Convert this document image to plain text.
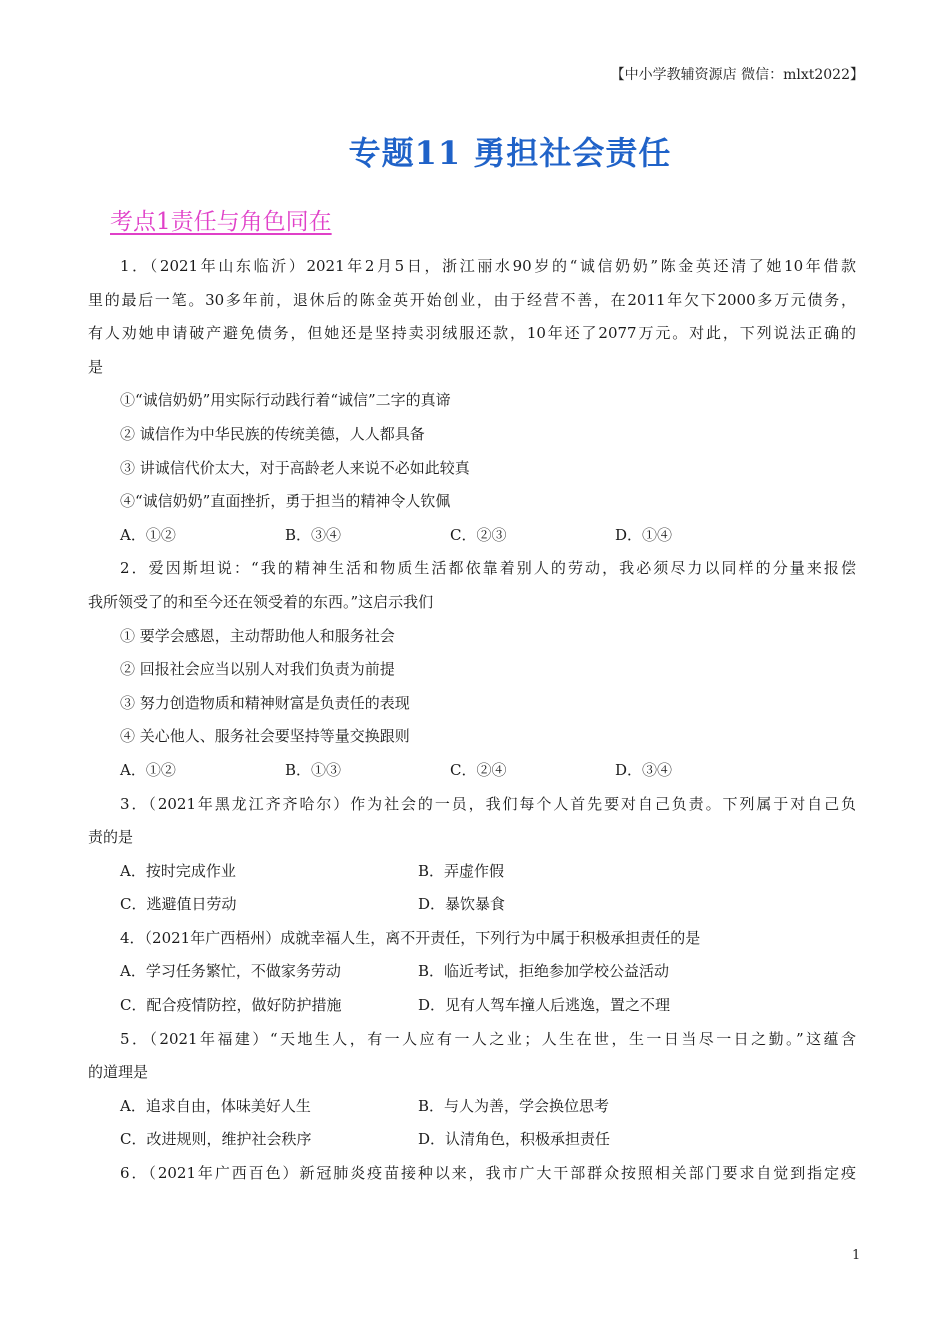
【中小学教辅资源店 微信：mlxt2022】
专题11 勇担社会责任
考点1责任与角色同在
1．（2021年山东临沂）2021年2月5日，浙江丽水90岁的“诚信奶奶”陈金英还清了她10年借款
里的最后一笔。30多年前，退休后的陈金英开始创业，由于经营不善，在2011年欠下2000多万元债务，
有人劝她申请破产避免债务，但她还是坚持卖羽绒服还款，10年还了2077万元。对此，下列说法正确的
是
①“诚信奶奶”用实际行动践行着“诚信”二字的真谛
② 诚信作为中华民族的传统美德，人人都具备
③ 讲诚信代价太大，对于高龄老人来说不必如此较真
④“诚信奶奶”直面挫折，勇于担当的精神令人钦佩
A．①②	B．③④	C．②③	D．①④
2．爱因斯坦说：“我的精神生活和物质生活都依靠着别人的劳动，我必须尽力以同样的分量来报偿
我所领受了的和至今还在领受着的东西。”这启示我们
① 要学会感恩，主动帮助他人和服务社会
② 回报社会应当以别人对我们负责为前提
③ 努力创造物质和精神财富是负责任的表现
④ 关心他人、服务社会要坚持等量交换跟则
A．①②	B．①③	C．②④	D．③④
3．（2021年黑龙江齐齐哈尔）作为社会的一员，我们每个人首先要对自己负责。下列属于对自己负
责的是
A．按时完成作业	B．弄虚作假
C．逃避值日劳动	D．暴饮暴食
4．（2021年广西梧州）成就幸福人生，离不开责任，下列行为中属于积极承担责任的是
A．学习任务繁忙，不做家务劳动	B．临近考试，拒绝参加学校公益活动
C．配合疫情防控，做好防护措施	D．见有人驾车撞人后逃逸，置之不理
5．（2021年福建）“天地生人，有一人应有一人之业；人生在世，生一日当尽一日之勤。”这蕴含
的道理是
A．追求自由，体味美好人生	B．与人为善，学会换位思考
C．改进规则，维护社会秩序	D．认清角色，积极承担责任
6．（2021年广西百色）新冠肺炎疫苗接种以来，我市广大干部群众按照相关部门要求自觉到指定疫
1
